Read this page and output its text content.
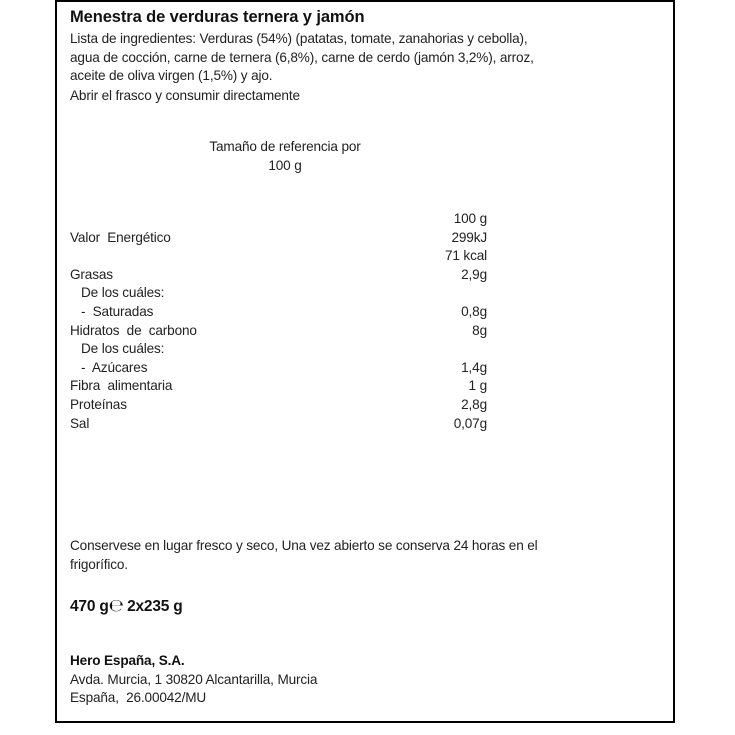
Menestra de verduras ternera y jamón
Lista de ingredientes: Verduras (54%) (patatas, tomate, zanahorias y cebolla),
agua de cocción, carne de ternera (6,8%), carne de cerdo (jamón 3,2%), arroz,
aceite de oliva virgen (1,5%) y ajo.
Abrir el frasco y consumir directamente
Tamaño de referencia por
100 g
	100 g
Valor  Energético	299kJ
	71 kcal
Grasas	2,9g
De los cuáles:	
-  Saturadas	0,8g
Hidratos  de  carbono	8g
De los cuáles:	
-  Azúcares	1,4g
Fibra  alimentaria	1 g
Proteínas	2,8g
Sal	0,07g
Conservese en lugar fresco y seco, Una vez abierto se conserva 24 horas en el
frigorífico.
470 g℮ 2x235 g
Hero España, S.A.
Avda. Murcia, 1 30820 Alcantarilla, Murcia
España,  26.00042/MU
